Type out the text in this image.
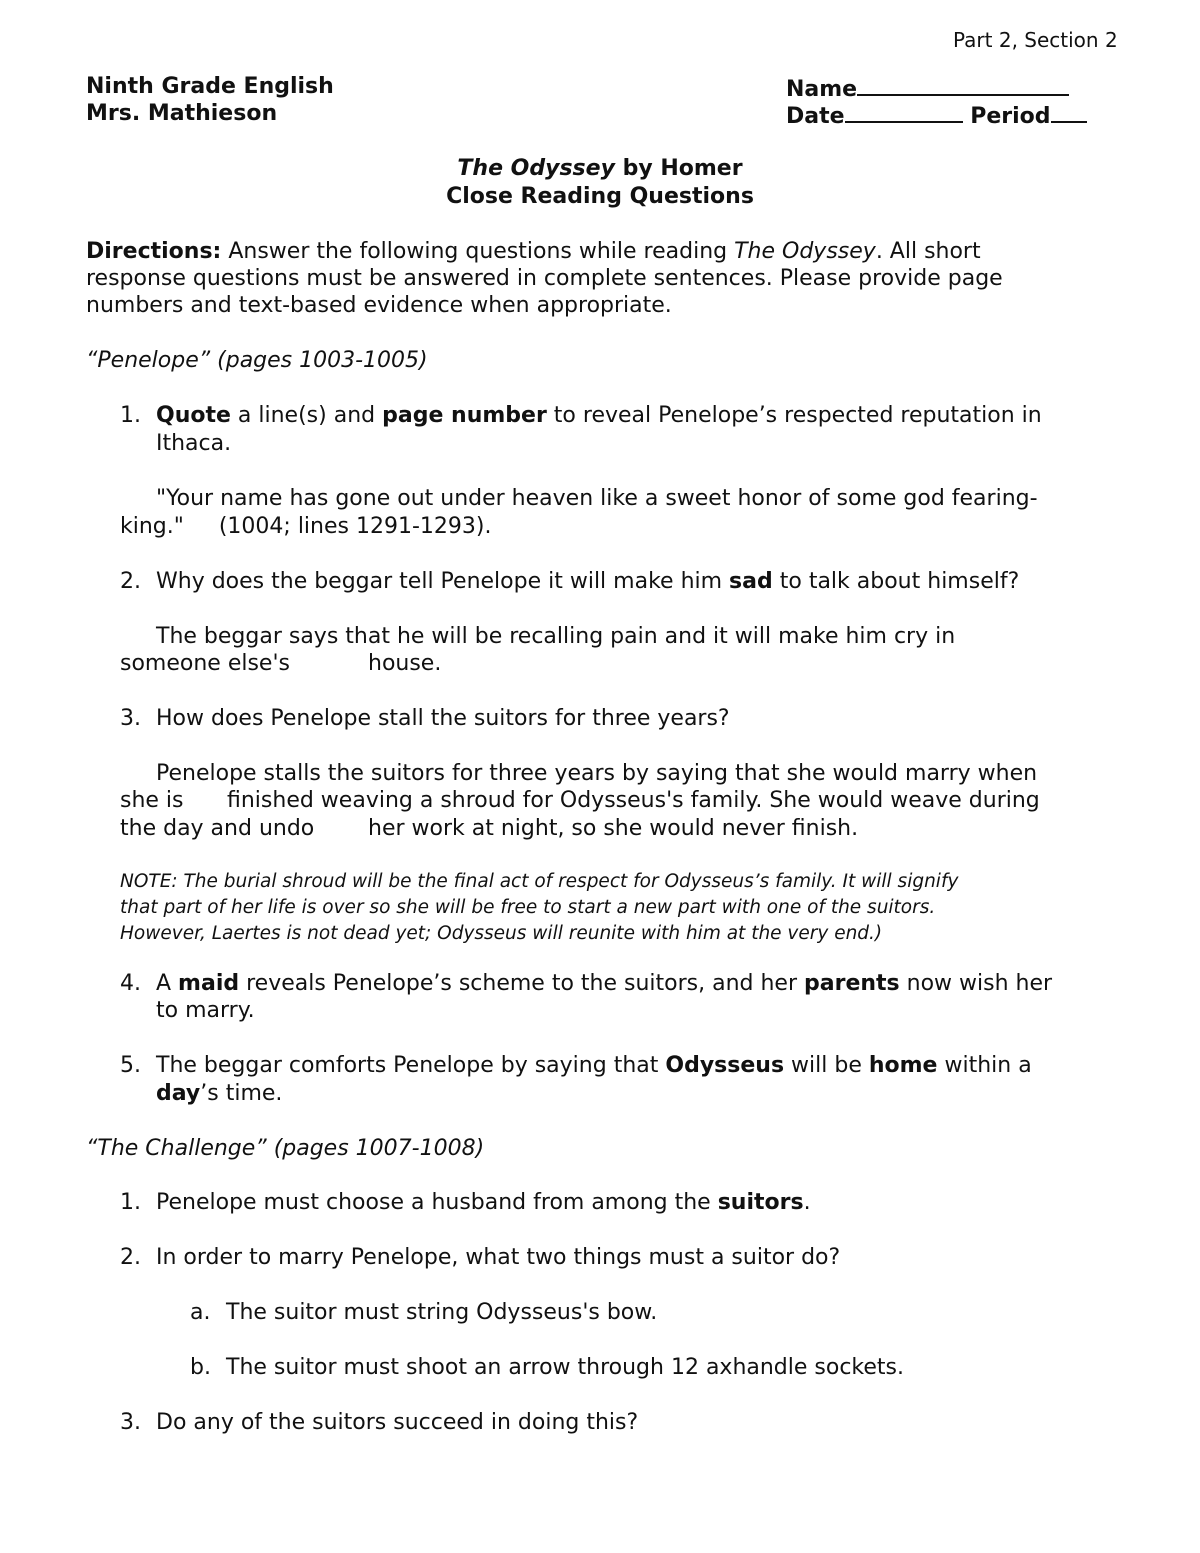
Part 2, Section 2
Ninth Grade English
Mrs. Mathieson
Name
Date	Period
The Odyssey by Homer
Close Reading Questions
Directions: Answer the following questions while reading The Odyssey. All short
response questions must be answered in complete sentences. Please provide page
numbers and text-based evidence when appropriate.
“Penelope” (pages 1003-1005)
1. Quote a line(s) and page number to reveal Penelope’s respected reputation in
Ithaca.
"Your name has gone out under heaven like a sweet honor of some god fearing-
king."     (1004; lines 1291-1293).
2. Why does the beggar tell Penelope it will make him sad to talk about himself?
The beggar says that he will be recalling pain and it will make him cry in
someone else's	house.
3. How does Penelope stall the suitors for three years?
Penelope stalls the suitors for three years by saying that she would marry when
she is finished weaving a shroud for Odysseus's family. She would weave during
the day and undo her work at night, so she would never finish.
NOTE: The burial shroud will be the final act of respect for Odysseus’s family. It will signify
that part of her life is over so she will be free to start a new part with one of the suitors.
However, Laertes is not dead yet; Odysseus will reunite with him at the very end.)
4. A maid reveals Penelope’s scheme to the suitors, and her parents now wish her
to marry.
5. The beggar comforts Penelope by saying that Odysseus will be home within a
day’s time.
“The Challenge” (pages 1007-1008)
1. Penelope must choose a husband from among the suitors.
2. In order to marry Penelope, what two things must a suitor do?
a. The suitor must string Odysseus's bow.
b. The suitor must shoot an arrow through 12 axhandle sockets.
3. Do any of the suitors succeed in doing this?
